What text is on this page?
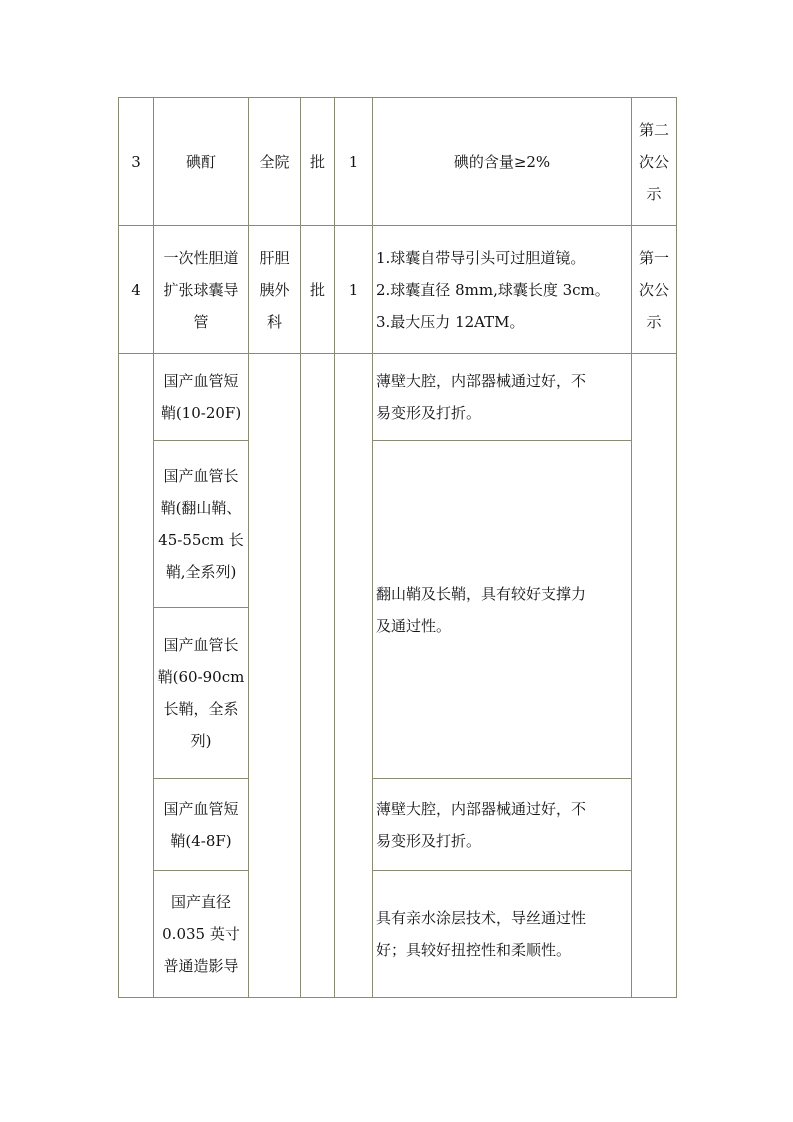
3	碘酊	全院	批	1	碘的含量≥2%	第二
次公
示

4	一次性胆道
扩张球囊导
管	肝胆
胰外
科	批	1	1.球囊自带导引头可过胆道镜。
2.球囊直径 8mm,球囊长度 3cm。
3.最大压力 12ATM。	第一
次公
示

	国产血管短
鞘(10-20F)				薄壁大腔，内部器械通过好，不
易变形及打折。	

	国产血管长
鞘(翻山鞘、
45-55cm 长
鞘,全系列)				翻山鞘及长鞘，具有较好支撑力
及通过性。	

	国产血管长
鞘(60-90cm
长鞘，全系
列)					

	国产血管短
鞘(4-8F)				薄壁大腔，内部器械通过好，不
易变形及打折。	

	国产直径
0.035 英寸
普通造影导				具有亲水涂层技术，导丝通过性
好；具较好扭控性和柔顺性。	
